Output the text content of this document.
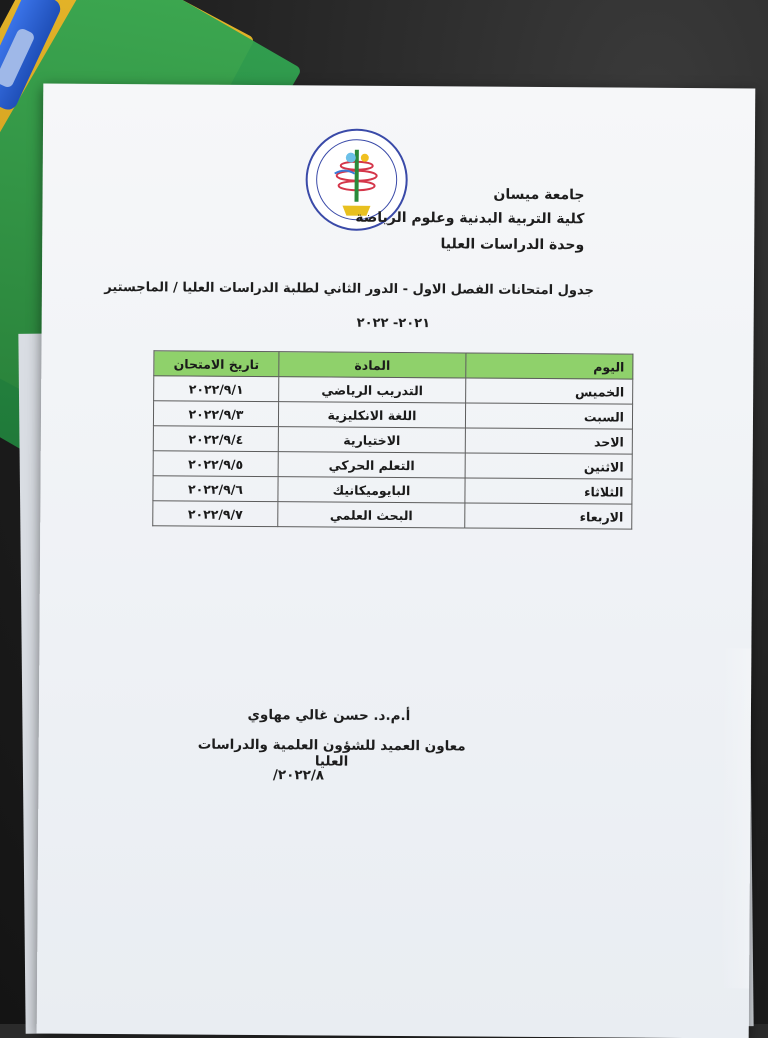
جامعة ميسان
كلية التربية البدنية وعلوم الرياضة
وحدة الدراسات العليا
جدول امتحانات الفصل الاول - الدور الثاني لطلبة الدراسات العليا / الماجستير
٢٠٢١- ٢٠٢٢
اليوم	المادة	تاريخ الامتحان
الخميس	التدريب الرياضي	٢٠٢٢/٩/١
السبت	اللغة الانكليزية	٢٠٢٢/٩/٣
الاحد	الاختيارية	٢٠٢٢/٩/٤
الاثنين	التعلم الحركي	٢٠٢٢/٩/٥
الثلاثاء	البايوميكانيك	٢٠٢٢/٩/٦
الاربعاء	البحث العلمي	٢٠٢٢/٩/٧
أ.م.د. حسن غالي مهاوي
معاون العميد للشؤون العلمية والدراسات العليا
٢٠٢٢/٨/
